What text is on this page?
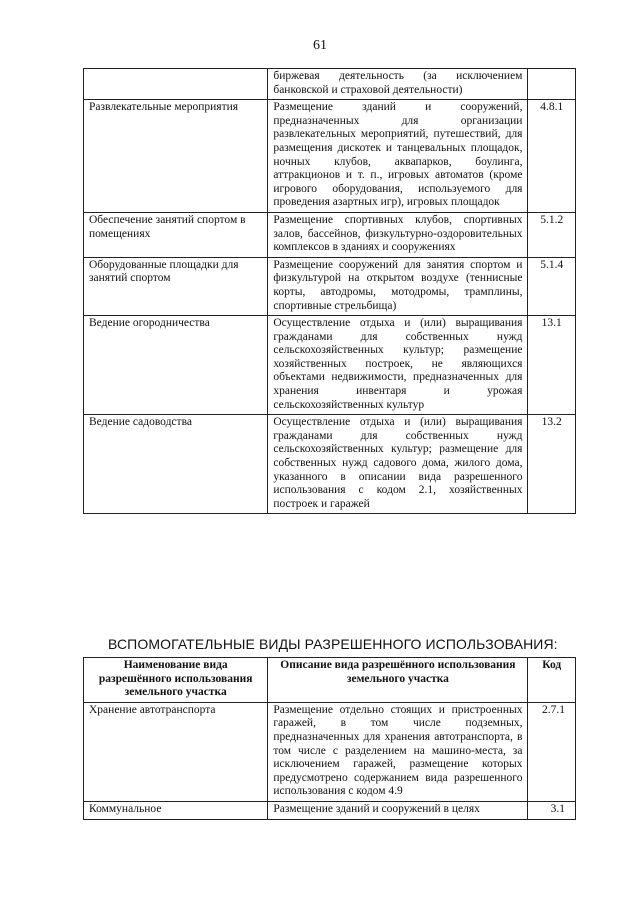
61
	биржевая деятельность (за исключением банковской и страховой деятельности)	
Развлекательные мероприятия	Размещение зданий и сооружений, предназначенных для организации развлекательных мероприятий, путешествий, для размещения дискотек и танцевальных площадок, ночных клубов, аквапарков, боулинга, аттракционов и т. п., игровых автоматов (кроме игрового оборудования, используемого для проведения азартных игр), игровых площадок	4.8.1
Обеспечение занятий спортом в помещениях	Размещение спортивных клубов, спортивных залов, бассейнов, физкультурно-оздоровительных комплексов в зданиях и сооружениях	5.1.2
Оборудованные площадки для занятий спортом	Размещение сооружений для занятия спортом и физкультурой на открытом воздухе (теннисные корты, автодромы, мотодромы, трамплины, спортивные стрельбища)	5.1.4
Ведение огородничества	Осуществление отдыха и (или) выращивания гражданами для собственных нужд сельскохозяйственных культур; размещение хозяйственных построек, не являющихся объектами недвижимости, предназначенных для хранения инвентаря и урожая сельскохозяйственных культур	13.1
Ведение садоводства	Осуществление отдыха и (или) выращивания гражданами для собственных нужд сельскохозяйственных культур; размещение для собственных нужд садового дома, жилого дома, указанного в описании вида разрешенного использования с кодом 2.1, хозяйственных построек и гаражей	13.2
ВСПОМОГАТЕЛЬНЫЕ ВИДЫ РАЗРЕШЕННОГО ИСПОЛЬЗОВАНИЯ:
Наименование вида разрешённого использования земельного участка	Описание вида разрешённого использования земельного участка	Код
Хранение автотранспорта	Размещение отдельно стоящих и пристроенных гаражей, в том числе подземных, предназначенных для хранения автотранспорта, в том числе с разделением на машино-места, за исключением гаражей, размещение которых предусмотрено содержанием вида разрешенного использования с кодом 4.9	2.7.1
Коммунальное	Размещение зданий и сооружений в целях	3.1
